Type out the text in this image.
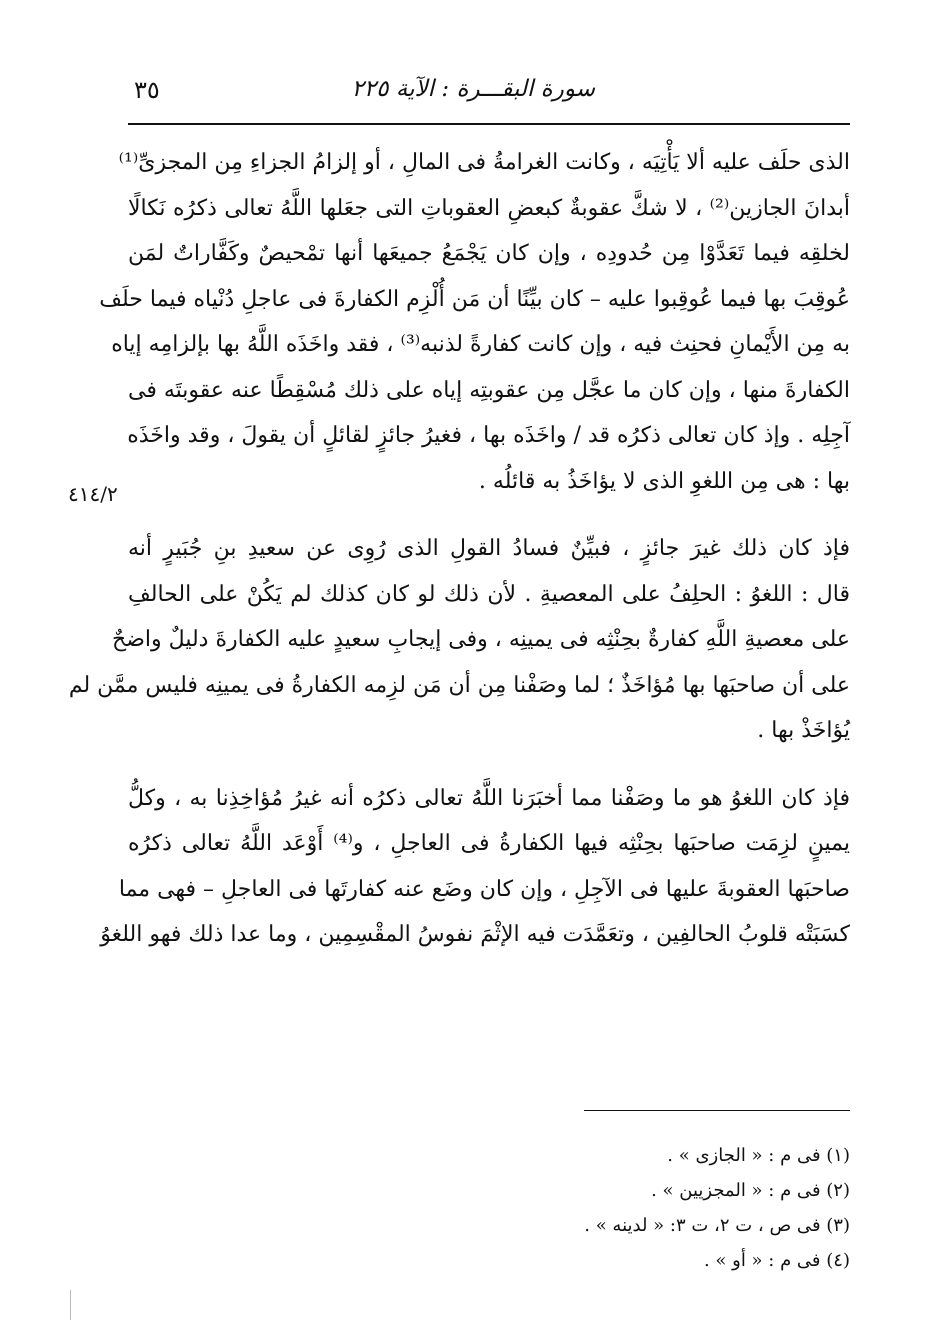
سورة البقـــرة : الآية ٢٢٥
٣٥
٤١٤/٢
الذى حلَف عليه ألا يَأْتِيَه ، وكانت الغرامةُ فى المالِ ، أو إلزامُ الجزاءِ مِن المجزىِّ⁽¹⁾
أبدانَ الجازين⁽²⁾ ، لا شكَّ عقوبةٌ كبعضِ العقوباتِ التى جعَلها اللَّهُ تعالى ذكرُه نَكالًا
لخلقِه فيما تَعَدَّوْا مِن حُدودِه ، وإن كان يَجْمَعُ جميعَها أنها تمْحيصٌ وكَفَّاراتٌ لمَن
عُوقِبَ بها فيما عُوقِبوا عليه – كان بيِّنًا أن مَن أُلْزِم الكفارةَ فى عاجلِ دُنْياه فيما حلَف
به مِن الأَيْمانِ فحنِث فيه ، وإن كانت كفارةً لذنبه⁽³⁾ ، فقد واخَذَه اللَّهُ بها بإلزامِه إياه
الكفارةَ منها ، وإن كان ما عجَّل مِن عقوبتِه إياه على ذلك مُسْقِطًا عنه عقوبتَه فى
آجِلِه . وإذ كان تعالى ذكرُه قد / واخَذَه بها ، فغيرُ جائزٍ لقائلٍ أن يقولَ ، وقد واخَذَه
بها : هى مِن اللغوِ الذى لا يؤاخَذُ به قائلُه .
فإذ كان ذلك غيرَ جائزٍ ، فبيِّنٌ فسادُ القولِ الذى رُوِى عن سعيدِ بنِ جُبَيرٍ أنه
قال : اللغوُ : الحلِفُ على المعصيةِ . لأن ذلك لو كان كذلك لم يَكُنْ على الحالفِ
على معصيةِ اللَّهِ كفارةٌ بحِنْثِه فى يمينِه ، وفى إيجابِ سعيدٍ عليه الكفارةَ دليلٌ واضحٌ
على أن صاحبَها بها مُؤاخَذٌ ؛ لما وصَفْنا مِن أن مَن لزِمه الكفارةُ فى يمينِه فليس ممَّن لم
يُؤاخَذْ بها .
فإذ كان اللغوُ هو ما وصَفْنا مما أخبَرَنا اللَّهُ تعالى ذكرُه أنه غيرُ مُؤاخِذِنا به ، وكلُّ
يمينٍ لزِمَت صاحبَها بحِنْثِه فيها الكفارةُ فى العاجلِ ، و⁽⁴⁾ أَوْعَد اللَّهُ تعالى ذكرُه
صاحبَها العقوبةَ عليها فى الآجِلِ ، وإن كان وضَع عنه كفارتَها فى العاجلِ – فهى مما
كسَبَتْه قلوبُ الحالفِين ، وتعَمَّدَت فيه الإثْمَ نفوسُ المقْسِمِين ، وما عدا ذلك فهو اللغوُ
(١) فى م : « الجازى » .
(٢) فى م : « المجزيين » .
(٣) فى ص ، ت ٢، ت ٣: « لدينه » .
(٤) فى م : « أو » .
